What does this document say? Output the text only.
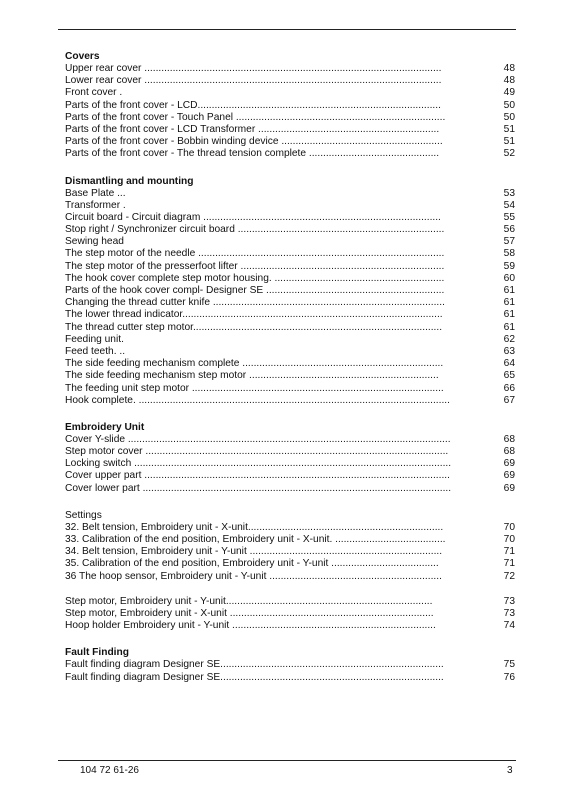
Covers
Upper rear cover .........................................................................................................	48
Lower rear cover .........................................................................................................	48
Front cover .	49
Parts of the front cover - LCD......................................................................................	50
Parts of the front cover - Touch Panel ..........................................................................	50
Parts of the front cover - LCD Transformer ................................................................	51
Parts of the front cover - Bobbin winding device .........................................................	51
Parts of the front cover - The thread tension complete ..............................................	52
Dismantling and mounting
Base Plate ...	53
Transformer .	54
Circuit board - Circuit diagram ....................................................................................	55
Stop right / Synchronizer circuit board .........................................................................	56
Sewing head	57
The step motor of the needle .......................................................................................	58
The step motor of the presserfoot lifter ........................................................................	59
The hook cover complete step motor housing. ............................................................	60
Parts of the hook cover compl- Designer SE ...............................................................	61
Changing the thread cutter knife ..................................................................................	61
The lower thread indicator............................................................................................	61
The thread cutter step motor........................................................................................	61
Feeding unit.	62
Feed teeth. ..	63
The side feeding mechanism complete .......................................................................	64
The side feeding mechanism step motor ...................................................................	65
The feeding unit step motor .........................................................................................	66
Hook complete. ..............................................................................................................	67
Embroidery Unit
Cover Y-slide ..................................................................................................................	68
Step motor cover ...........................................................................................................	68
Locking switch ................................................................................................................	69
Cover upper part ............................................................................................................	69
Cover lower part .............................................................................................................	69
Settings
32. Belt tension, Embroidery unit - X-unit.....................................................................	70
33. Calibration of the end position, Embroidery unit - X-unit. .......................................	70
34. Belt tension, Embroidery unit - Y-unit ....................................................................	71
35. Calibration of the end position, Embroidery unit - Y-unit ......................................	71
36 The hoop sensor, Embroidery unit - Y-unit .............................................................	72
Step motor, Embroidery unit - Y-unit.........................................................................	73
Step motor, Embroidery unit - X-unit ........................................................................	73
Hoop holder Embroidery unit - Y-unit ........................................................................	74
Fault Finding
Fault finding diagram Designer SE...............................................................................	75
Fault finding diagram Designer SE...............................................................................	76
104 72 61-26	3
